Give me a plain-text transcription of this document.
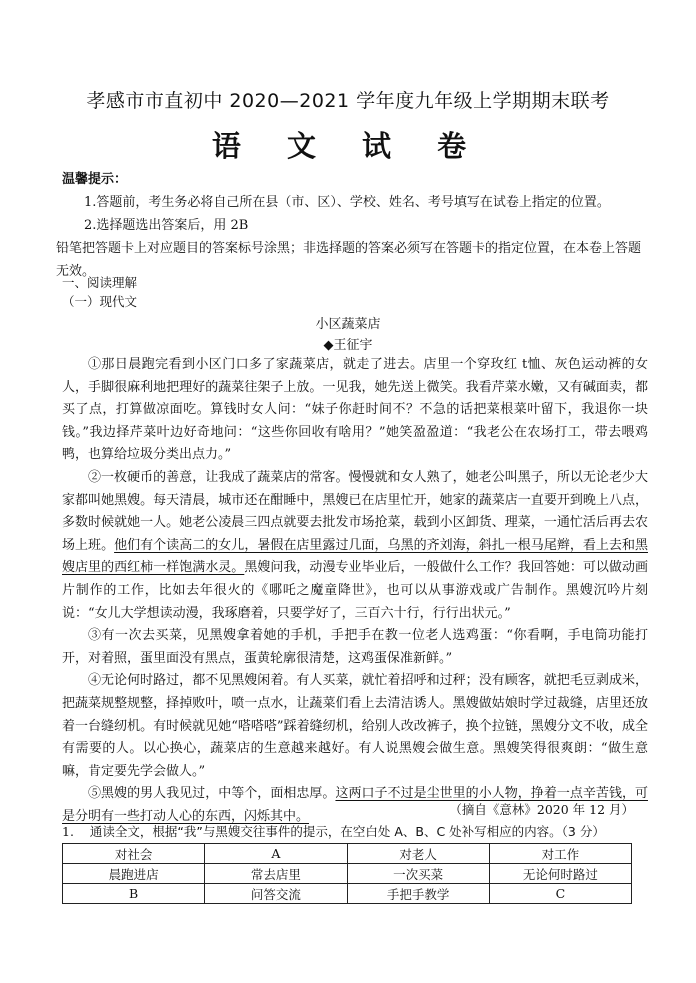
孝感市市直初中 2020—2021 学年度九年级上学期期末联考
语 文 试 卷
温馨提示：
1.答题前，考生务必将自己所在县（市、区）、学校、姓名、考号填写在试卷上指定的位置。
2.选择题选出答案后，用 2B
铅笔把答题卡上对应题目的答案标号涂黑；非选择题的答案必须写在答题卡的指定位置，在本卷上答题无效。
一、阅读理解
（一）现代文
小区蔬菜店
◆王征宇

①那日晨跑完看到小区门口多了家蔬菜店，就走了进去。店里一个穿玫红 t恤、灰色运动裤的女人，手脚很麻利地把理好的蔬菜往架子上放。一见我，她先送上微笑。我看芹菜水嫩，又有碱面卖，都买了点，打算做凉面吃。算钱时女人问：“妹子你赶时间不？不急的话把菜根菜叶留下，我退你一块钱。”我边择芹菜叶边好奇地问：“这些你回收有啥用？”她笑盈盈道：“我老公在农场打工，带去喂鸡鸭，也算给垃圾分类出点力。”

②一枚硬币的善意，让我成了蔬菜店的常客。慢慢就和女人熟了，她老公叫黑子，所以无论老少大家都叫她黑嫂。每天清晨，城市还在酣睡中，黑嫂已在店里忙开，她家的蔬菜店一直要开到晚上八点，多数时候就她一人。她老公凌晨三四点就要去批发市场抢菜，载到小区卸货、理菜，一通忙活后再去农场上班。他们有个读高二的女儿，暑假在店里露过几面，乌黑的齐刘海，斜扎一根马尾辫，看上去和黑嫂店里的西红柿一样饱满水灵。黑嫂问我，动漫专业毕业后，一般做什么工作？我回答她：可以做动画片制作的工作，比如去年很火的《哪吒之魔童降世》，也可以从事游戏或广告制作。黑嫂沉吟片刻说：“女儿大学想读动漫，我琢磨着，只要学好了，三百六十行，行行出状元。”

③有一次去买菜，见黑嫂拿着她的手机，手把手在教一位老人选鸡蛋：“你看啊，手电筒功能打开，对着照，蛋里面没有黑点，蛋黄轮廓很清楚，这鸡蛋保准新鲜。”

④无论何时路过，都不见黑嫂闲着。有人买菜，就忙着招呼和过秤；没有顾客，就把毛豆剥成米，把蔬菜规整规整，择掉败叶，喷一点水，让蔬菜们看上去清洁诱人。黑嫂做姑娘时学过裁缝，店里还放着一台缝纫机。有时候就见她“嗒嗒嗒”踩着缝纫机，给别人改改裤子，换个拉链，黑嫂分文不收，成全有需要的人。以心换心，蔬菜店的生意越来越好。有人说黑嫂会做生意。黑嫂笑得很爽朗：“做生意嘛，肯定要先学会做人。”

⑤黑嫂的男人我见过，中等个，面相忠厚。这两口子不过是尘世里的小人物，挣着一点辛苦钱，可是分明有一些打动人心的东西，闪烁其中。	（摘自《意林》2020 年 12 月）
1. 通读全文，根据“我”与黑嫂交往事件的提示，在空白处 A、B、C 处补写相应的内容。（3 分）
对社会	A	对老人	对工作
晨跑进店	常去店里	一次买菜	无论何时路过
B	问答交流	手把手教学	C
